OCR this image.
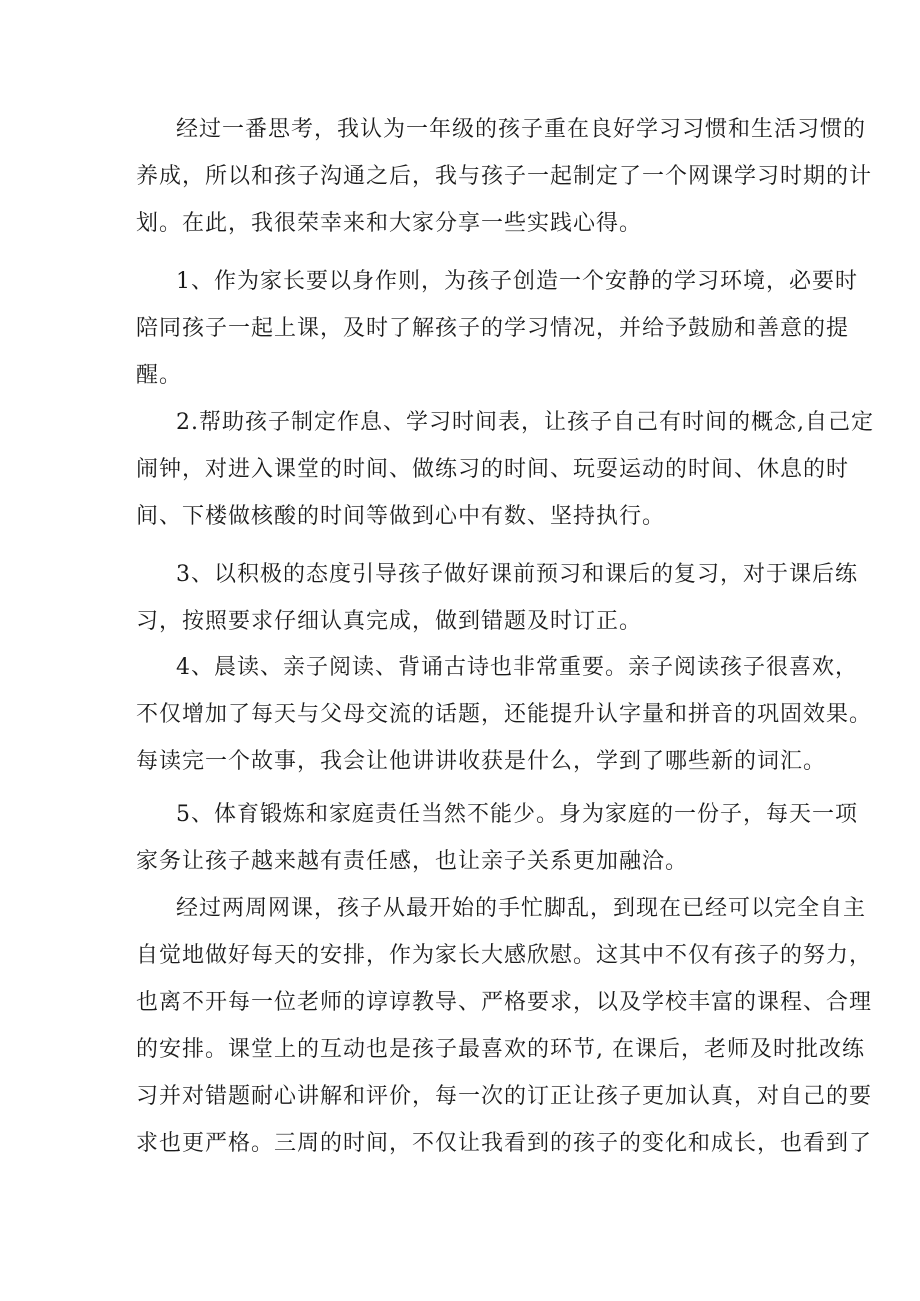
经过一番思考，我认为一年级的孩子重在良好学习习惯和生活习惯的
养成，所以和孩子沟通之后，我与孩子一起制定了一个网课学习时期的计
划。在此，我很荣幸来和大家分享一些实践心得。
1、作为家长要以身作则，为孩子创造一个安静的学习环境，必要时
陪同孩子一起上课，及时了解孩子的学习情况，并给予鼓励和善意的提
醒。
2.帮助孩子制定作息、学习时间表，让孩子自己有时间的概念,自己定
闹钟，对进入课堂的时间、做练习的时间、玩耍运动的时间、休息的时
间、下楼做核酸的时间等做到心中有数、坚持执行。
3、以积极的态度引导孩子做好课前预习和课后的复习，对于课后练
习，按照要求仔细认真完成，做到错题及时订正。
4、晨读、亲子阅读、背诵古诗也非常重要。亲子阅读孩子很喜欢，
不仅增加了每天与父母交流的话题，还能提升认字量和拼音的巩固效果。
每读完一个故事，我会让他讲讲收获是什么，学到了哪些新的词汇。
5、体育锻炼和家庭责任当然不能少。身为家庭的一份子，每天一项
家务让孩子越来越有责任感，也让亲子关系更加融洽。
经过两周网课，孩子从最开始的手忙脚乱，到现在已经可以完全自主
自觉地做好每天的安排，作为家长大感欣慰。这其中不仅有孩子的努力，
也离不开每一位老师的谆谆教导、严格要求，以及学校丰富的课程、合理
的安排。课堂上的互动也是孩子最喜欢的环节, 在课后，老师及时批改练
习并对错题耐心讲解和评价，每一次的订正让孩子更加认真，对自己的要
求也更严格。三周的时间，不仅让我看到的孩子的变化和成长，也看到了
